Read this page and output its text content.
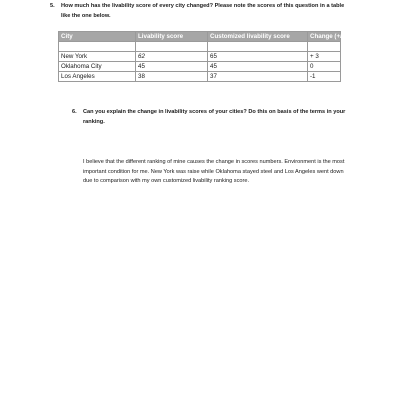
5. How much has the livability score of every city changed? Please note the scores of this question in a table like the one below.
City	Livability score	Customized livability score	Change (+/-)

New York	62	65	+ 3
Oklahoma City	45	45	0
Los Angeles	38	37	-1
6. Can you explain the change in livability scores of your cities? Do this on basis of the terms in your ranking.

I believe that the different ranking of mine causes the change in scores numbers. Environment is the most important condition for me. New York was raise while Oklahoma stayed steel and Los Angeles went down due to comparison with my own customized livability ranking score.
